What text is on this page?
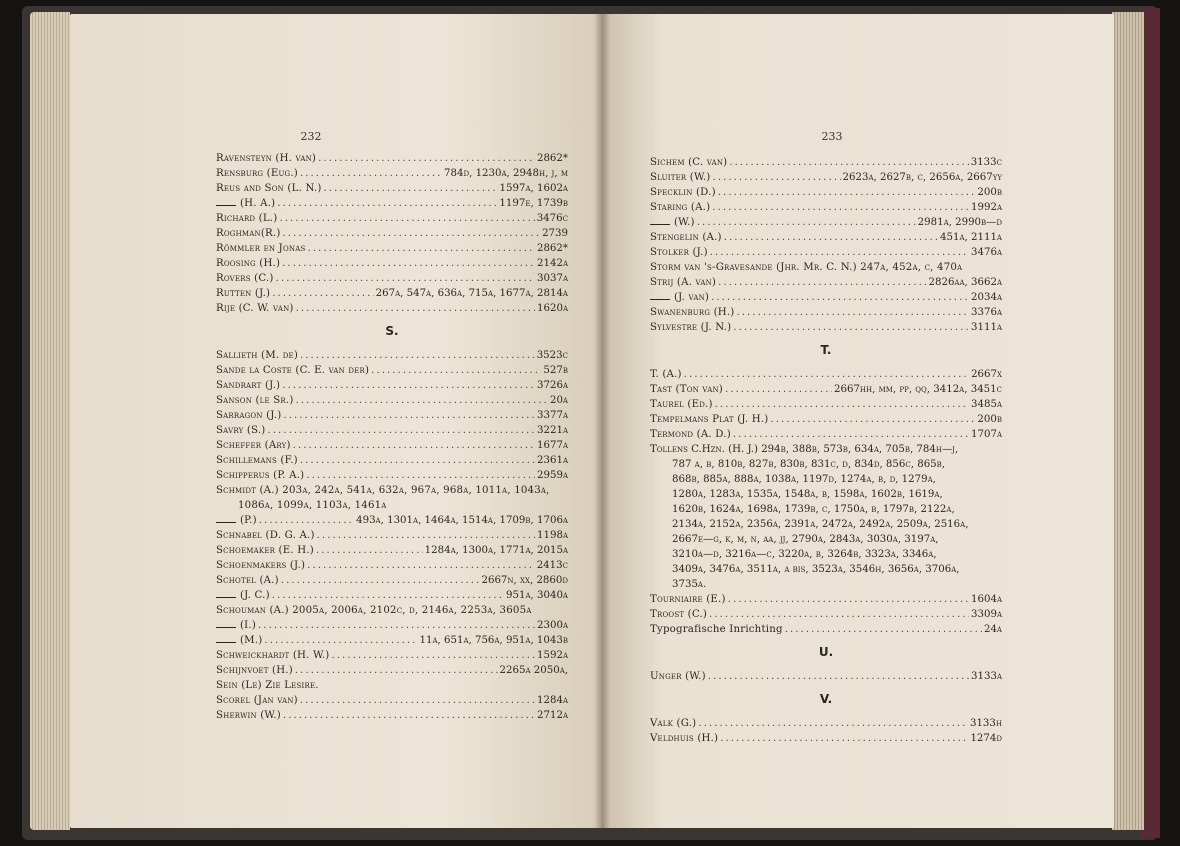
232
Ravensteyn (H. van) . . .	2862*
Rensburg (Eug.) . . .	784d, 1230a, 2948h, j, m
Reus and Son (L. N.) . . .	1597a, 1602a
(H. A.) . . .	1197e, 1739b
Richard (L.) . . .	3476c
Roghman(R.) . . .	2739
Römmler en Jonas . . .	2862*
Roosing (H.) . . .	2142a
Rovers (C.) . . .	3037a
Rutten (J.) . . .	267a, 547a, 636a, 715a, 1677a, 2814a
Rije (C. W. van) . . .	1620a
S.
Sallieth (M. de) . . .	3523c
Sande la Coste (C. E. van der) . . .	527b
Sandrart (J.) . . .	3726a
Sanson (le Sr.) . . .	20a
Sarragon (J.) . . .	3377a
Savry (S.) . . .	3221a
Scheffer (Ary) . . .	1677a
Schillemans (F.) . . .	2361a
Schipperus (P. A.) . . .	2959a
Schmidt (A.) 203a, 242a, 541a, 632a, 967a, 968a, 1011a, 1043a,
1086a, 1099a, 1103a, 1461a
(P.) . . .	493a, 1301a, 1464a, 1514a, 1709b, 1706a
Schnabel (D. G. A.) . . .	1198a
Schoemaker (E. H.) . . .	1284a, 1300a, 1771a, 2015a
Schoenmakers (J.) . . .	2413c
Schotel (A.) . . .	2667n, xx, 2860d
(J. C.) . . .	951a, 3040a
Schouman (A.) 2005a, 2006a, 2102c, d, 2146a, 2253a, 3605a
(I.) . . .	2300a
(M.) . . .	11a, 651a, 756a, 951a, 1043b
Schweickhardt (H. W.) . . .	1592a
Schijnvoet (H.) . . .	2265a 2050a,
Sein (Le) Zie Lesire.
Scorel (Jan van) . . .	1284a
Sherwin (W.) . . .	2712a
233
Sichem (C. van) . . .	3133c
Sluiter (W.) . . .	2623a, 2627b, c, 2656a, 2667yy
Specklin (D.) . . .	200b
Staring (A.) . . .	1992a
(W.) . . .	2981a, 2990b—d
Stengelin (A.) . . .	451a, 2111a
Stolker (J.) . . .	3476a
Storm van 's-Gravesande (Jhr. Mr. C. N.) 247a, 452a, c, 470a
Strij (A. van) . . .	2826aa, 3662a
(J. van) . . .	2034a
Swanenburg (H.) . . .	3376a
Sylvestre (J. N.) . . .	3111a
T.
T. (A.) . . .	2667x
Tast (Ton van) . . .	2667hh, mm, pp, qq, 3412a, 3451c
Taurel (Ed.) . . .	3485a
Tempelmans Plat (J. H.) . . .	200b
Termond (A. D.) . . .	1707a
Tollens C.Hzn. (H. J.) 294b, 388b, 573b, 634a, 705b, 784h—j,
787 a, b, 810b, 827b, 830b, 831c, d, 834d, 856c, 865b,
868b, 885a, 888a, 1038a, 1197d, 1274a, b, d, 1279a,
1280a, 1283a, 1535a, 1548a, b, 1598a, 1602b, 1619a,
1620b, 1624a, 1698a, 1739b, c, 1750a, b, 1797b, 2122a,
2134a, 2152a, 2356a, 2391a, 2472a, 2492a, 2509a, 2516a,
2667e—g, k, m, n, aa, jj, 2790a, 2843a, 3030a, 3197a,
3210a—d, 3216a—c, 3220a, b, 3264b, 3323a, 3346a,
3409a, 3476a, 3511a, a bis, 3523a, 3546h, 3656a, 3706a,
3735a.
Tourniaire (E.) . . .	1604a
Troost (C.) . . .	3309a
Typografische Inrichting . . .	24a
U.
Unger (W.) . . .	3133a
V.
Valk (G.) . . .	3133h
Veldhuis (H.) . . .	1274d
